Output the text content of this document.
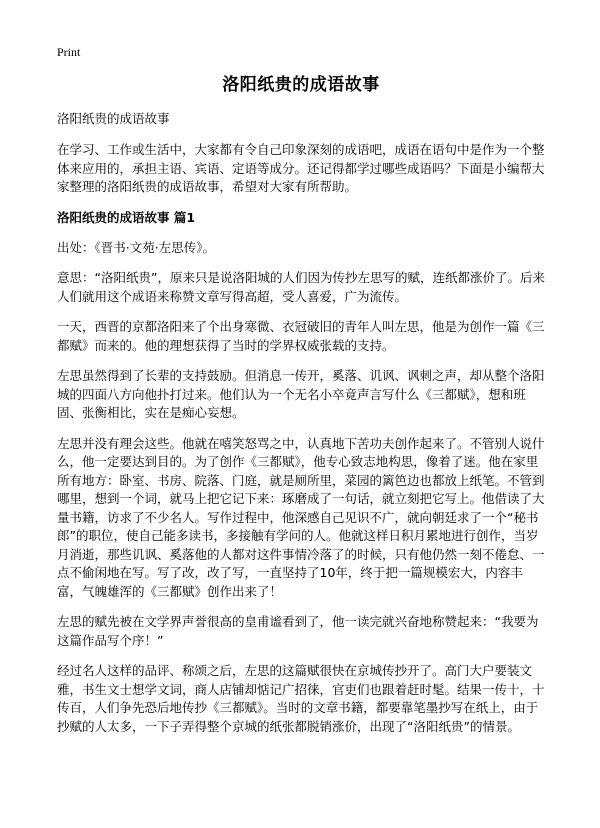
Print
洛阳纸贵的成语故事
洛阳纸贵的成语故事

在学习、工作或生活中，大家都有令自己印象深刻的成语吧，成语在语句中是作为一个整体来应用的，承担主语、宾语、定语等成分。还记得都学过哪些成语吗？下面是小编帮大家整理的洛阳纸贵的成语故事，希望对大家有所帮助。

洛阳纸贵的成语故事 篇1

出处：《晋书·文苑·左思传》。

意思：“洛阳纸贵”，原来只是说洛阳城的人们因为传抄左思写的赋，连纸都涨价了。后来人们就用这个成语来称赞文章写得高超，受人喜爱，广为流传。

一天，西晋的京都洛阳来了个出身寒微、衣冠破旧的青年人叫左思，他是为创作一篇《三都赋》而来的。他的理想获得了当时的学界权威张载的支持。

左思虽然得到了长辈的支持鼓励。但消息一传开，奚落、讥讽、讽刺之声，却从整个洛阳城的四面八方向他扑打过来。他们认为一个无名小卒竟声言写什么《三都赋》，想和班固、张衡相比，实在是痴心妄想。

左思并没有理会这些。他就在嘻笑怒骂之中，认真地下苦功夫创作起来了。不管别人说什么，他一定要达到目的。为了创作《三都赋》，他专心致志地构思，像着了迷。他在家里所有地方：卧室、书房、院落、门庭，就是厕所里，菜园的篱笆边也都放上纸笔。不管到哪里，想到一个词，就马上把它记下来：琢磨成了一句话，就立刻把它写上。他借读了大量书籍，访求了不少名人。写作过程中，他深感自己见识不广，就向朝廷求了一个“秘书郎”的职位，使自己能多读书，多接触有学问的人。他就这样日积月累地进行创作，当岁月消逝，那些讥讽、奚落他的人都对这件事情冷落了的时候，只有他仍然一刻不倦怠、一点不偷闲地在写。写了改，改了写，一直坚持了10年，终于把一篇规模宏大，内容丰富，气魄雄浑的《三都赋》创作出来了！

左思的赋先被在文学界声誉很高的皇甫谧看到了，他一读完就兴奋地称赞起来：“我要为这篇作品写个序！”

经过名人这样的品评、称颂之后，左思的这篇赋很快在京城传抄开了。高门大户要装文雅，书生文士想学文词，商人店铺却惦记广招徕，官吏们也跟着赶时髦。结果一传十，十传百，人们争先恐后地传抄《三都赋》。当时的文章书籍，都要靠笔墨抄写在纸上，由于抄赋的人太多，一下子弄得整个京城的纸张都脱销涨价，出现了“洛阳纸贵”的情景。
